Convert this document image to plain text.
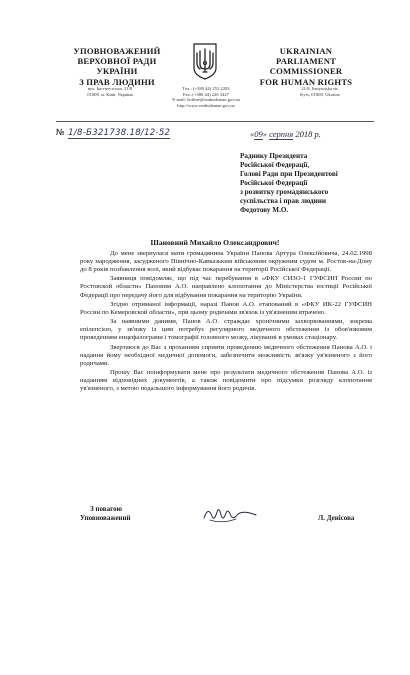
УПОВНОВАЖЕНИЙ
ВЕРХОВНОЇ РАДИ УКРАЇНИ
З ПРАВ ЛЮДИНИ
UKRAINIAN
PARLIAMENT COMMISSIONER
FOR HUMAN RIGHTS
вул. Інститутська, 21/8
01008, м. Київ, Україна
Тел.: (+380 44) 253 2203
Fax.:(+380 44) 226 3427
E-mail: hotline@ombudsman.gov.ua
http://www.ombudsman.gov.ua
21/8, Instytutska str.
Kyiv, 01008, Ukraine
№ 1/8-Б321738.18/12-52	«09» серпня 2018 р.
Раднику Президента
Російської Федерації,
Голові Ради при Президентові
Російської Федерації
з розвитку громадянського
суспільства і прав людини
Федотову М.О.
Шановний Михайло Олександрович!

До мене звернулася мати громадянина України Панова Артура Олексійовича, 24.02.1998 року народження, засудженого Північно-Кавказьким військовим окружним судом м. Ростов-на-Дону до 8 років позбавлення волі, який відбуває покарання на території Російської Федерації.

Заявниця повідомляє, що під час перебування в «ФКУ СИЗО-1 ГУФСИН России по Ростовской области» Пановим А.О. направлено клопотання до Міністерства юстиції Російської Федерації про передачу його для відбування покарання на територію України.

Згідно отриманої інформації, наразі Панов А.О. етапований в «ФКУ ИК-22 ГУФСИН России по Кемеровской области», при цьому родичами зв'язок із ув'язненим втрачено.

За наявними даними, Панов А.О. страждає хронічними захворюваннями, зокрема епілепсією, у зв'язку із цим потребує регулярного медичного обстеження із обов'язковим проведенням енцефалограми і томографії головного мозку, лікуванні в умовах стаціонару.

Звертаюся до Вас з проханням сприяти проведенню медичного обстеження Панова А.О. і надання йому необхідної медичної допомоги, забезпечити можливість зв'язку ув'язненого з його родичами.

Прошу Вас поінформувати мене про результати медичного обстеження Панова А.О. із наданням відповідних документів, а також повідомити про підсумки розгляду клопотання ув'язненого, з метою подальшого інформування його родичів.

З повагою
Уповноважений	Л. Денісова
